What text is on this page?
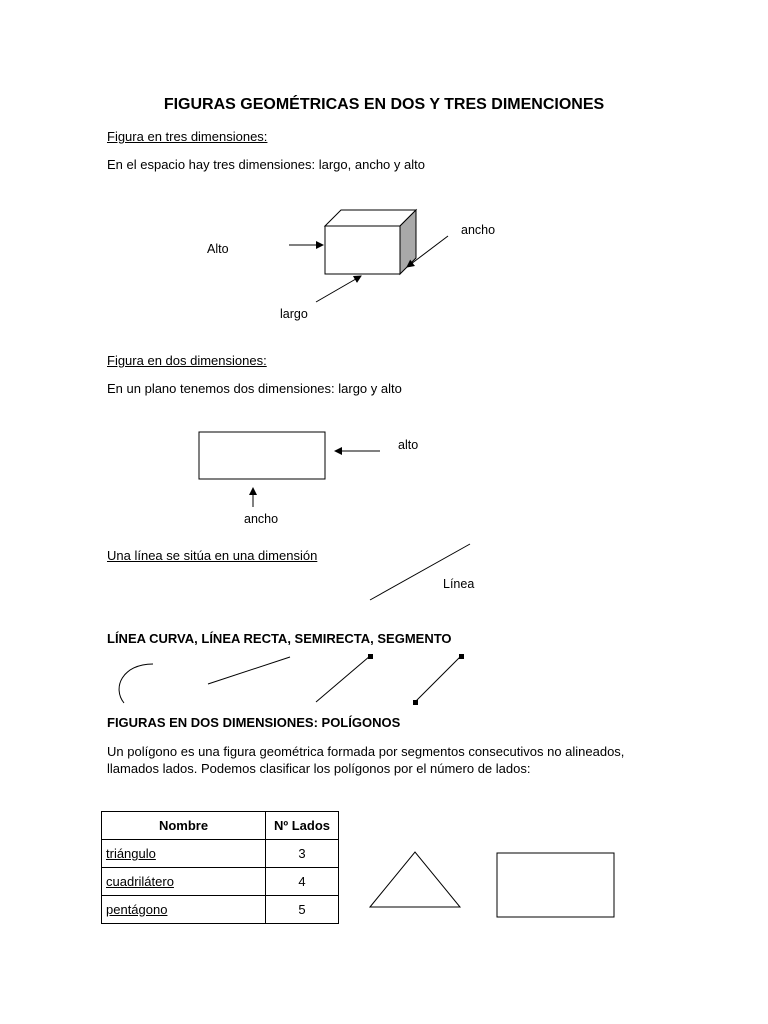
FIGURAS GEOMÉTRICAS EN DOS Y TRES DIMENCIONES
Figura en tres dimensiones:
En el espacio hay tres dimensiones: largo, ancho y alto
Alto
ancho
largo
Figura en dos dimensiones:
En un plano tenemos dos dimensiones: largo y alto
alto
ancho
Una línea se sitúa en una dimensión
Línea
LÍNEA CURVA, LÍNEA RECTA, SEMIRECTA, SEGMENTO
FIGURAS EN DOS DIMENSIONES: POLÍGONOS
Un polígono es una figura geométrica formada por segmentos consecutivos no alineados,
llamados lados. Podemos clasificar los polígonos por el número de lados:
Nombre	Nº Lados
triángulo	3
cuadrilátero	4
pentágono	5
